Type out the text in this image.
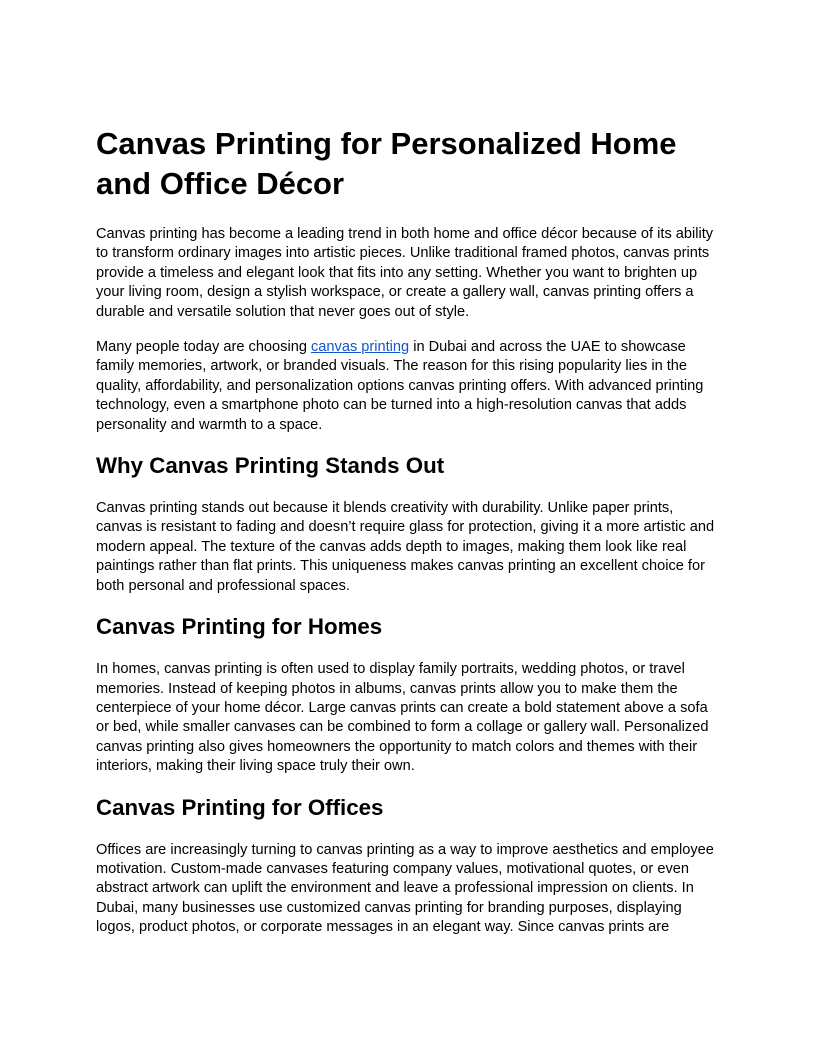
Canvas Printing for Personalized Home and Office Décor

Canvas printing has become a leading trend in both home and office décor because of its ability to transform ordinary images into artistic pieces. Unlike traditional framed photos, canvas prints provide a timeless and elegant look that fits into any setting. Whether you want to brighten up your living room, design a stylish workspace, or create a gallery wall, canvas printing offers a durable and versatile solution that never goes out of style.

Many people today are choosing canvas printing in Dubai and across the UAE to showcase family memories, artwork, or branded visuals. The reason for this rising popularity lies in the quality, affordability, and personalization options canvas printing offers. With advanced printing technology, even a smartphone photo can be turned into a high-resolution canvas that adds personality and warmth to a space.

Why Canvas Printing Stands Out

Canvas printing stands out because it blends creativity with durability. Unlike paper prints, canvas is resistant to fading and doesn’t require glass for protection, giving it a more artistic and modern appeal. The texture of the canvas adds depth to images, making them look like real paintings rather than flat prints. This uniqueness makes canvas printing an excellent choice for both personal and professional spaces.

Canvas Printing for Homes

In homes, canvas printing is often used to display family portraits, wedding photos, or travel memories. Instead of keeping photos in albums, canvas prints allow you to make them the centerpiece of your home décor. Large canvas prints can create a bold statement above a sofa or bed, while smaller canvases can be combined to form a collage or gallery wall. Personalized canvas printing also gives homeowners the opportunity to match colors and themes with their interiors, making their living space truly their own.

Canvas Printing for Offices

Offices are increasingly turning to canvas printing as a way to improve aesthetics and employee motivation. Custom-made canvases featuring company values, motivational quotes, or even abstract artwork can uplift the environment and leave a professional impression on clients. In Dubai, many businesses use customized canvas printing for branding purposes, displaying logos, product photos, or corporate messages in an elegant way. Since canvas prints are
